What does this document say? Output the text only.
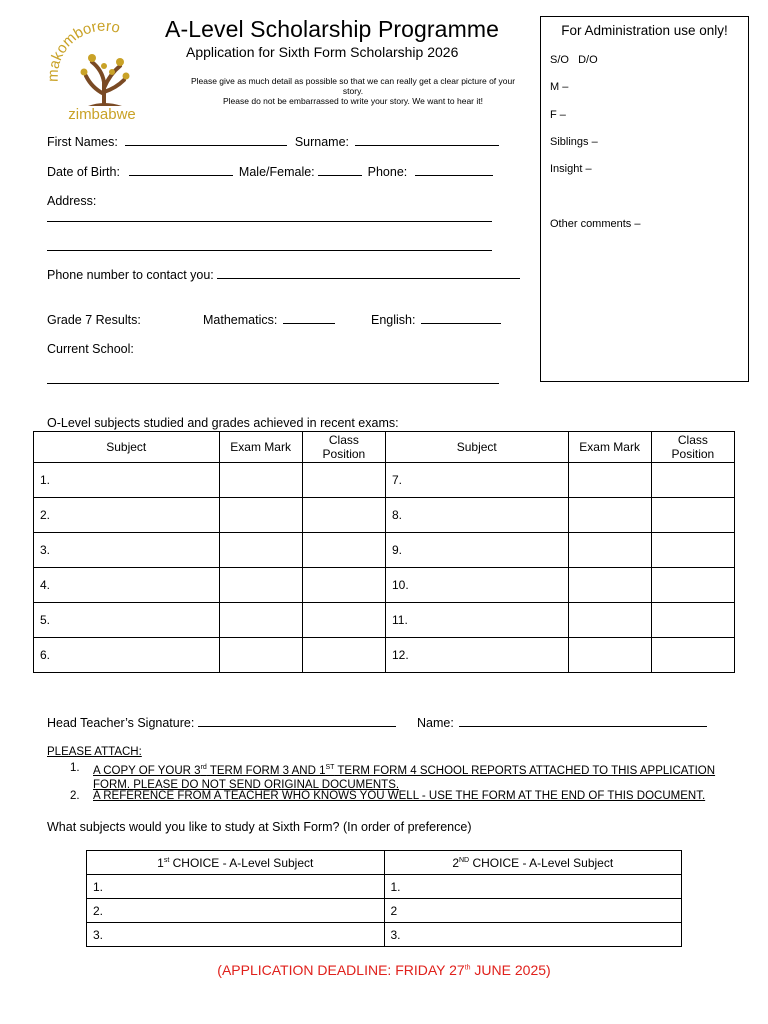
makomborero
zimbabwe
A-Level Scholarship Programme
Application for Sixth Form Scholarship 2026
Please give as much detail as possible so that we can really get a clear picture of your story.
Please do not be embarrassed to write your story. We want to hear it!
For Administration use only!
S/O   D/O
M –
F –
Siblings –
Insight –
Other comments –
First Names:	Surname:
Date of Birth:	Male/Female:	Phone:
Address:
Phone number to contact you:
Grade 7 Results:	Mathematics:	English:
Current School:
O-Level subjects studied and grades achieved in recent exams:
Subject	Exam Mark	Class Position	Subject	Exam Mark	Class Position
1.			7.		
2.			8.		
3.			9.		
4.			10.		
5.			11.		
6.			12.		
Head Teacher’s Signature:	Name:
PLEASE ATTACH:
1. A COPY OF YOUR 3rd TERM FORM 3 AND 1ST TERM FORM 4 SCHOOL REPORTS ATTACHED TO THIS APPLICATION
FORM. PLEASE DO NOT SEND ORIGINAL DOCUMENTS.
2. A REFERENCE FROM A TEACHER WHO KNOWS YOU WELL - USE THE FORM AT THE END OF THIS DOCUMENT.
What subjects would you like to study at Sixth Form? (In order of preference)
1st CHOICE - A-Level Subject	2ND CHOICE - A-Level Subject
1.	1.
2.	2
3.	3.
(APPLICATION DEADLINE: FRIDAY 27th JUNE 2025)
